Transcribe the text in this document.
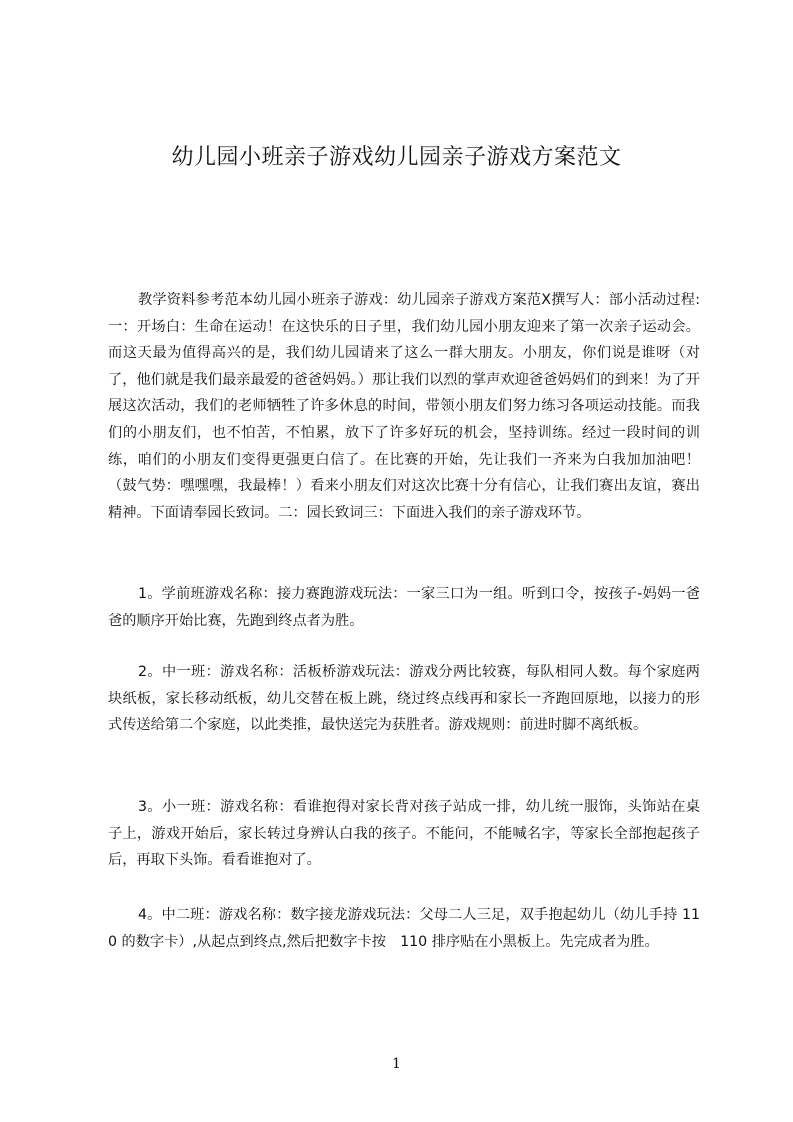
幼儿园小班亲子游戏幼儿园亲子游戏方案范文

教学资料参考范本幼儿园小班亲子游戏：幼儿园亲子游戏方案范X撰写人：部小活动过程:一：开场白：生命在运动！在这快乐的日子里，我们幼儿园小朋友迎来了第一次亲子运动会。而这天最为值得高兴的是，我们幼儿园请来了这么一群大朋友。小朋友，你们说是谁呀（对了，他们就是我们最亲最爱的爸爸妈妈。）那让我们以烈的掌声欢迎爸爸妈妈们的到来！为了开展这次活动，我们的老师牺牲了许多休息的时间，带领小朋友们努力练习各项运动技能。而我们的小朋友们，也不怕苦，不怕累，放下了许多好玩的机会，坚持训练。经过一段时间的训练，咱们的小朋友们变得更强更白信了。在比赛的开始，先让我们一齐来为白我加加油吧！（鼓气势：嘿嘿嘿，我最棒！）看来小朋友们对这次比赛十分有信心，让我们赛出友谊，赛出精神。下面请奉园长致词。二：园长致词三：下面进入我们的亲子游戏环节。

1。学前班游戏名称：接力赛跑游戏玩法：一家三口为一组。听到口令，按孩子-妈妈一爸爸的顺序开始比赛，先跑到终点者为胜。

2。中一班：游戏名称：活板桥游戏玩法：游戏分两比较赛，每队相同人数。每个家庭两块纸板，家长移动纸板，幼儿交替在板上跳，绕过终点线再和家长一齐跑回原地，以接力的形式传送给第二个家庭，以此类推，最快送完为获胜者。游戏规则：前进时脚不离纸板。

3。小一班：游戏名称：看谁抱得对家长背对孩子站成一排，幼儿统一服饰，头饰站在桌子上，游戏开始后，家长转过身辨认白我的孩子。不能问，不能喊名字，等家长全部抱起孩子后，再取下头饰。看看谁抱对了。

4。中二班：游戏名称：数字接龙游戏玩法：父母二人三足，双手抱起幼儿（幼儿手持 110 的数字卡）,从起点到终点,然后把数字卡按　110 排序贴在小黑板上。先完成者为胜。

1
